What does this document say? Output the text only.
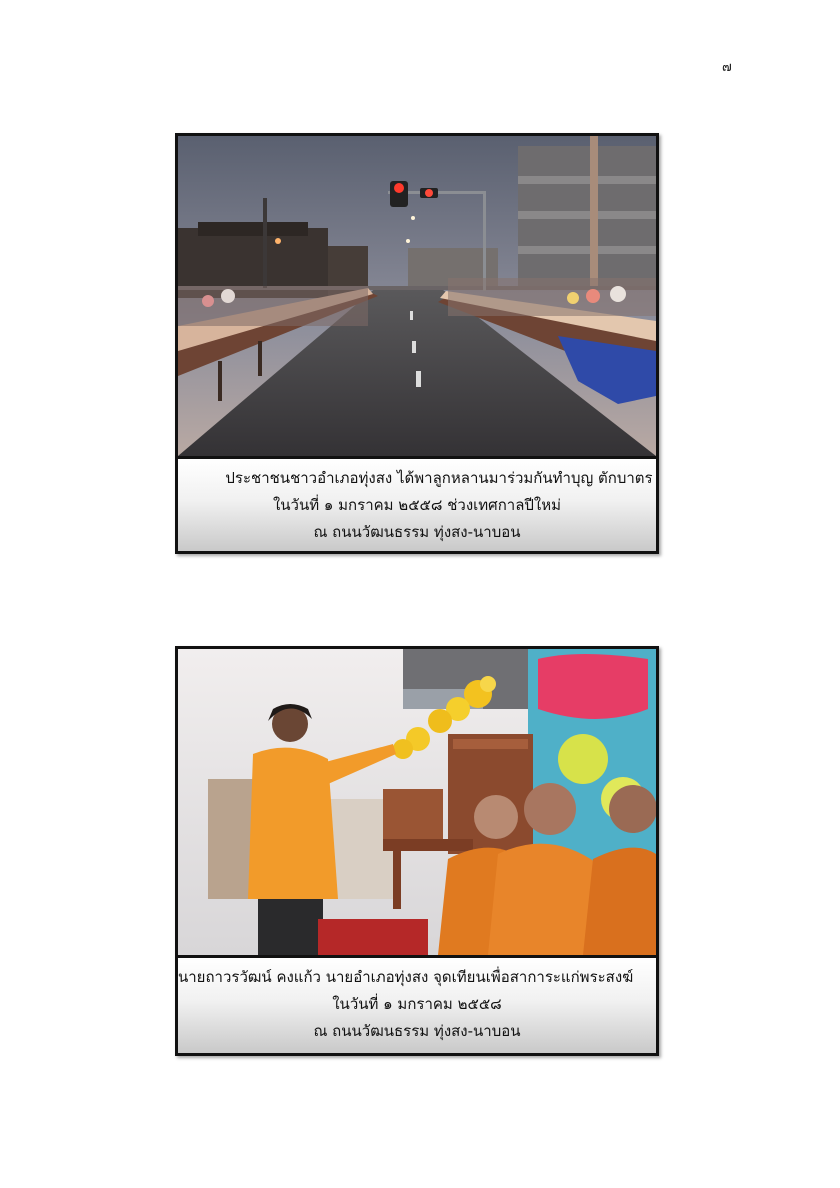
๗
ประชาชนชาวอำเภอทุ่งสง ได้พาลูกหลานมาร่วมกันทำบุญ ตักบาตร
ในวันที่ ๑ มกราคม ๒๕๕๘ ช่วงเทศกาลปีใหม่
ณ ถนนวัฒนธรรม ทุ่งสง-นาบอน
นายถาวรวัฒน์ คงแก้ว นายอำเภอทุ่งสง จุดเทียนเพื่อสาการะแก่พระสงฆ์
ในวันที่ ๑ มกราคม ๒๕๕๘
ณ ถนนวัฒนธรรม ทุ่งสง-นาบอน
